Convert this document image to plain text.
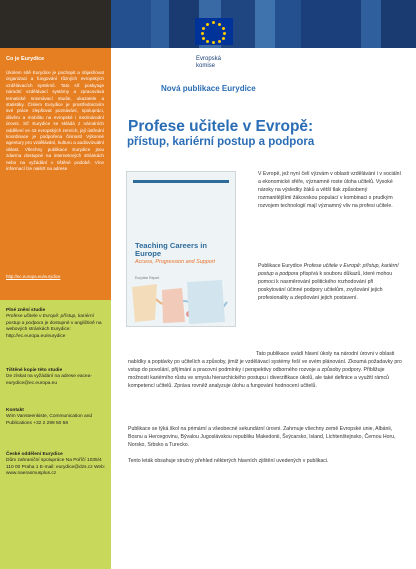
Co je Eurydice
Úkolem sítě Eurydice je pochopit a objasňovat organizaci a fungování různých evropských vzdělávacích systémů. Tato síť poskytuje národní vzdělávací systémy a zpracovává tematické srovnávací studie, ukazatele a statistiky. Číslem Eurydice je prostřednictvím své práce zlepšovat poznávání, spolupráci, důvěru a mobilitu na evropské i mezinárodní úrovni. Síť Eurydice se skládá z národních oddělení ve 43 evropských zemích, její ústřední koordinace je podpořena činností Výkonné agentury pro vzdělávání, kulturu a audiovizuální oblast. Všechny publikace Eurydice jsou zdarma dostupné na internetových stránkách nebo na vyžádání v tištěné podobě. Více informací lze nalézt na adrese
http://ec.europa.eu/eurydice
Plné znění studie
Profese učitele v Evropě: přístup, kariérní postup a podpora je dostupné v angličtině na webových stránkách Eurydice: http://ec.europa.eu/eurydice
Tištěné kopie této studie
lze získat na vyžádání na adrese eacea-eurydice@ec.europa.eu
Kontakt
Wim Vansteenkiste, Communication and Publications +32 2 299 50 58
České oddělení Eurydice
Dům zahraniční spolupráce Na Poříčí 1035/4 110 00 Praha 1 E-mail: eurydice@dzs.cz Web: www.naerasmusplus.cz
Evropská
komise
Nová publikace Eurydice
Profese učitele v Evropě:
přístup, kariérní postup a podpora
Teaching Careers in Europe
Access, Progression and Support
Eurydice Report
V Evropě, jež nyní čelí výzvám v oblasti vzdělávání i v sociální a ekonomické sféře, významně roste úloha učitelů. Vysoké nároky na výsledky žáků a větší tlak způsobený rozmanitějšími žákovskou populací v kombinaci s prudkým rozvojem technologií mají významný vliv na profesi učitele.
Publikace Eurydice Profese učitele v Evropě: přístup, kariérní postup a podpora přispívá k souboru důkazů, které mohou pomoci k nasměrování politického rozhodování při poskytování účinné podpory učitelům, zvyšování jejich profesionality a zlepšování jejich postavení.
Tato publikace uvádí hlavní úkoly na národní úrovni v oblasti nabídky a poptávky po učitelích a způsoby, jimiž je vzdělávací systémy řeší ve svém plánování. Zkoumá požadavky pro vstup do povolání, přijímání a pracovní podmínky i perspektivy odborného rozvoje a způsoby podpory. Přibližuje možnosti kariérního růstu ve smyslu hierarchického postupu i diverzifikace úkolů, ale také definice a využití rámců kompetencí učitelů. Zpráva rovněž analyzuje úlohu a fungování hodnocení učitelů.
Publikace se týká škol na primární a všeobecné sekundární úrovni. Zahrnuje všechny země Evropské unie, Albánii, Bosnu a Hercegovinu, Bývalou Jugoslávskou republiku Makedonii, Švýcarsko, Island, Lichtenštejnsko, Černou Horu, Norsko, Srbsko a Turecko.
Tento leták obsahuje stručný přehled některých hlavních zjištění uvedených v publikaci.
